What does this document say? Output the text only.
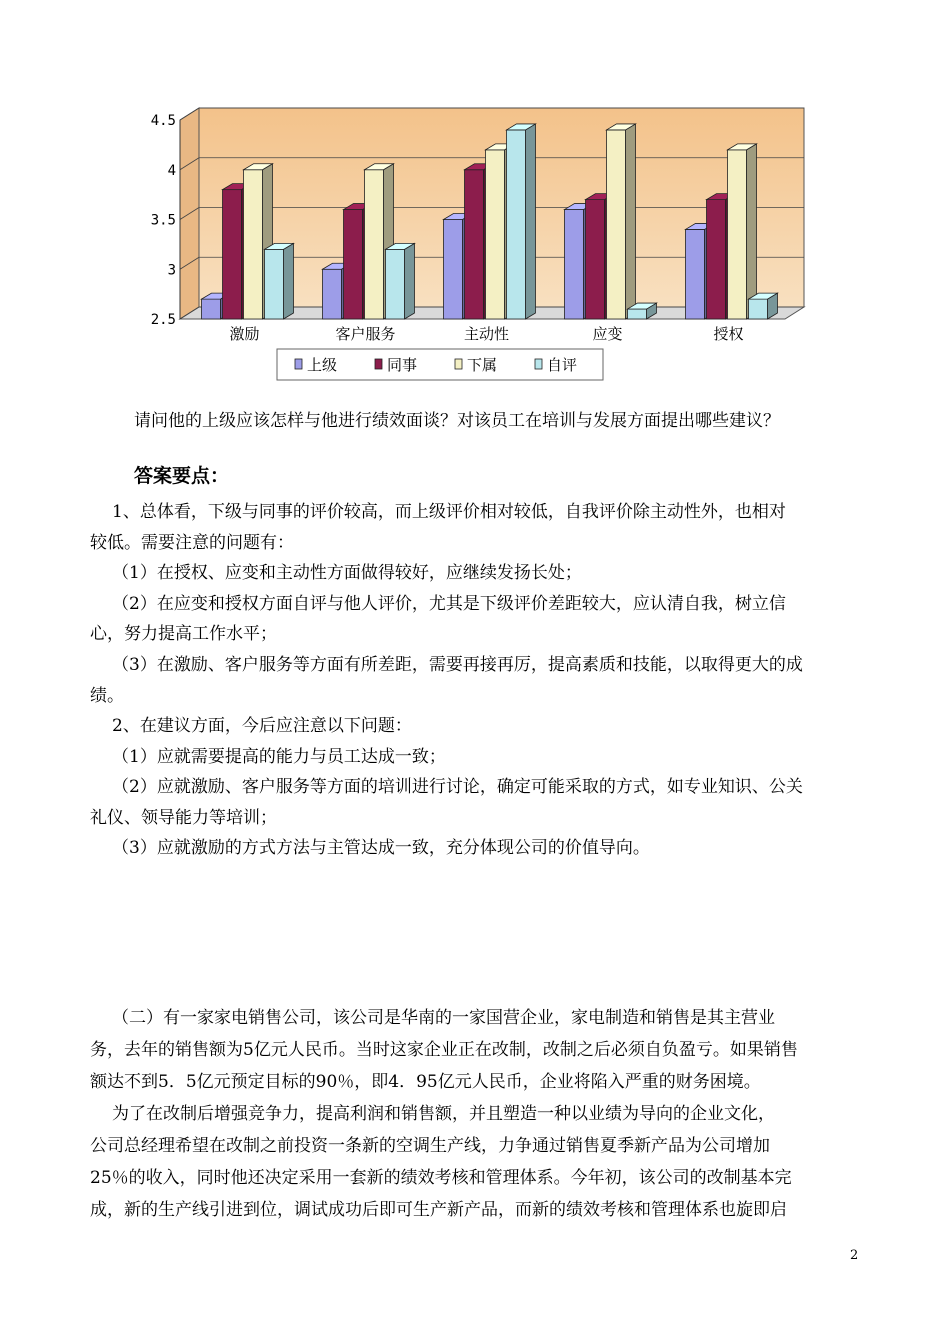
2.5
3
3.5
4
4.5
激励	客户服务	主动性	应变	授权
上级	同事	下属	自评
请问他的上级应该怎样与他进行绩效面谈？对该员工在培训与发展方面提出哪些建议？
答案要点：
1、总体看，下级与同事的评价较高，而上级评价相对较低，自我评价除主动性外，也相对
较低。需要注意的问题有：
（1）在授权、应变和主动性方面做得较好，应继续发扬长处；
（2）在应变和授权方面自评与他人评价，尤其是下级评价差距较大，应认清自我，树立信
心，努力提高工作水平；
（3）在激励、客户服务等方面有所差距，需要再接再厉，提高素质和技能，以取得更大的成
绩。
2、在建议方面，今后应注意以下问题：
（1）应就需要提高的能力与员工达成一致；
（2）应就激励、客户服务等方面的培训进行讨论，确定可能采取的方式，如专业知识、公关
礼仪、领导能力等培训；
（3）应就激励的方式方法与主管达成一致，充分体现公司的价值导向。
（二）有一家家电销售公司，该公司是华南的一家国营企业，家电制造和销售是其主营业
务，去年的销售额为5亿元人民币。当时这家企业正在改制，改制之后必须自负盈亏。如果销售
额达不到5．5亿元预定目标的90％，即4．95亿元人民币，企业将陷入严重的财务困境。
为了在改制后增强竞争力，提高利润和销售额，并且塑造一种以业绩为导向的企业文化，
公司总经理希望在改制之前投资一条新的空调生产线，力争通过销售夏季新产品为公司增加
25％的收入，同时他还决定采用一套新的绩效考核和管理体系。今年初，该公司的改制基本完
成，新的生产线引进到位，调试成功后即可生产新产品，而新的绩效考核和管理体系也旋即启
2
